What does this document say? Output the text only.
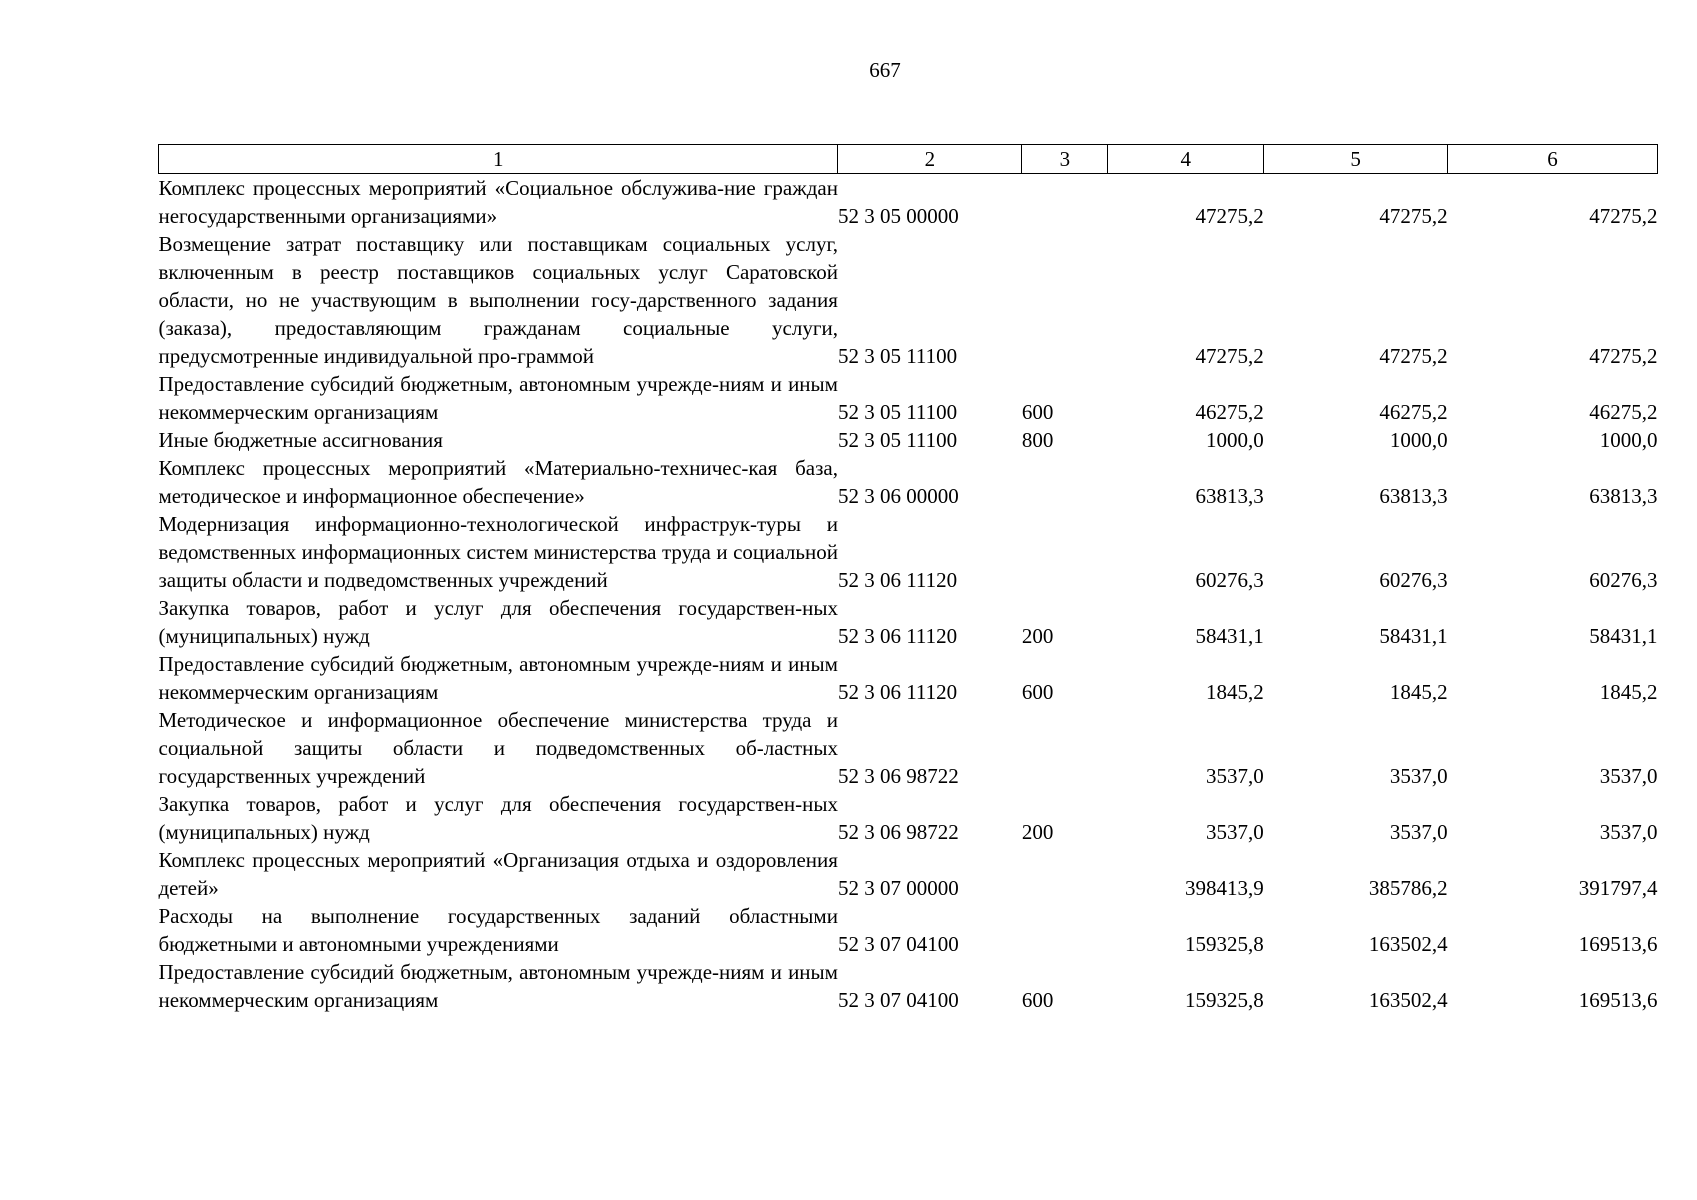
667
1	2	3	4	5	6
Комплекс процессных мероприятий «Социальное обслужива-ние граждан негосударственными организациями»	52 3 05 00000		47275,2	47275,2	47275,2
Возмещение затрат поставщику или поставщикам социальных услуг, включенным в реестр поставщиков социальных услуг Саратовской области, но не участвующим в выполнении госу-дарственного задания (заказа), предоставляющим гражданам социальные услуги, предусмотренные индивидуальной про-граммой	52 3 05 11100		47275,2	47275,2	47275,2
Предоставление субсидий бюджетным, автономным учрежде-ниям и иным некоммерческим организациям	52 3 05 11100	600	46275,2	46275,2	46275,2
Иные бюджетные ассигнования	52 3 05 11100	800	1000,0	1000,0	1000,0
Комплекс процессных мероприятий «Материально-техничес-кая база, методическое и информационное обеспечение»	52 3 06 00000		63813,3	63813,3	63813,3
Модернизация информационно-технологической инфраструк-туры и ведомственных информационных систем министерства труда и социальной защиты области и подведомственных учреждений	52 3 06 11120		60276,3	60276,3	60276,3
Закупка товаров, работ и услуг для обеспечения государствен-ных (муниципальных) нужд	52 3 06 11120	200	58431,1	58431,1	58431,1
Предоставление субсидий бюджетным, автономным учрежде-ниям и иным некоммерческим организациям	52 3 06 11120	600	1845,2	1845,2	1845,2
Методическое и информационное обеспечение министерства труда и социальной защиты области и подведомственных об-ластных государственных учреждений	52 3 06 98722		3537,0	3537,0	3537,0
Закупка товаров, работ и услуг для обеспечения государствен-ных (муниципальных) нужд	52 3 06 98722	200	3537,0	3537,0	3537,0
Комплекс процессных мероприятий «Организация отдыха и оздоровления детей»	52 3 07 00000		398413,9	385786,2	391797,4
Расходы на выполнение государственных заданий областными бюджетными и автономными учреждениями	52 3 07 04100		159325,8	163502,4	169513,6
Предоставление субсидий бюджетным, автономным учрежде-ниям и иным некоммерческим организациям	52 3 07 04100	600	159325,8	163502,4	169513,6
